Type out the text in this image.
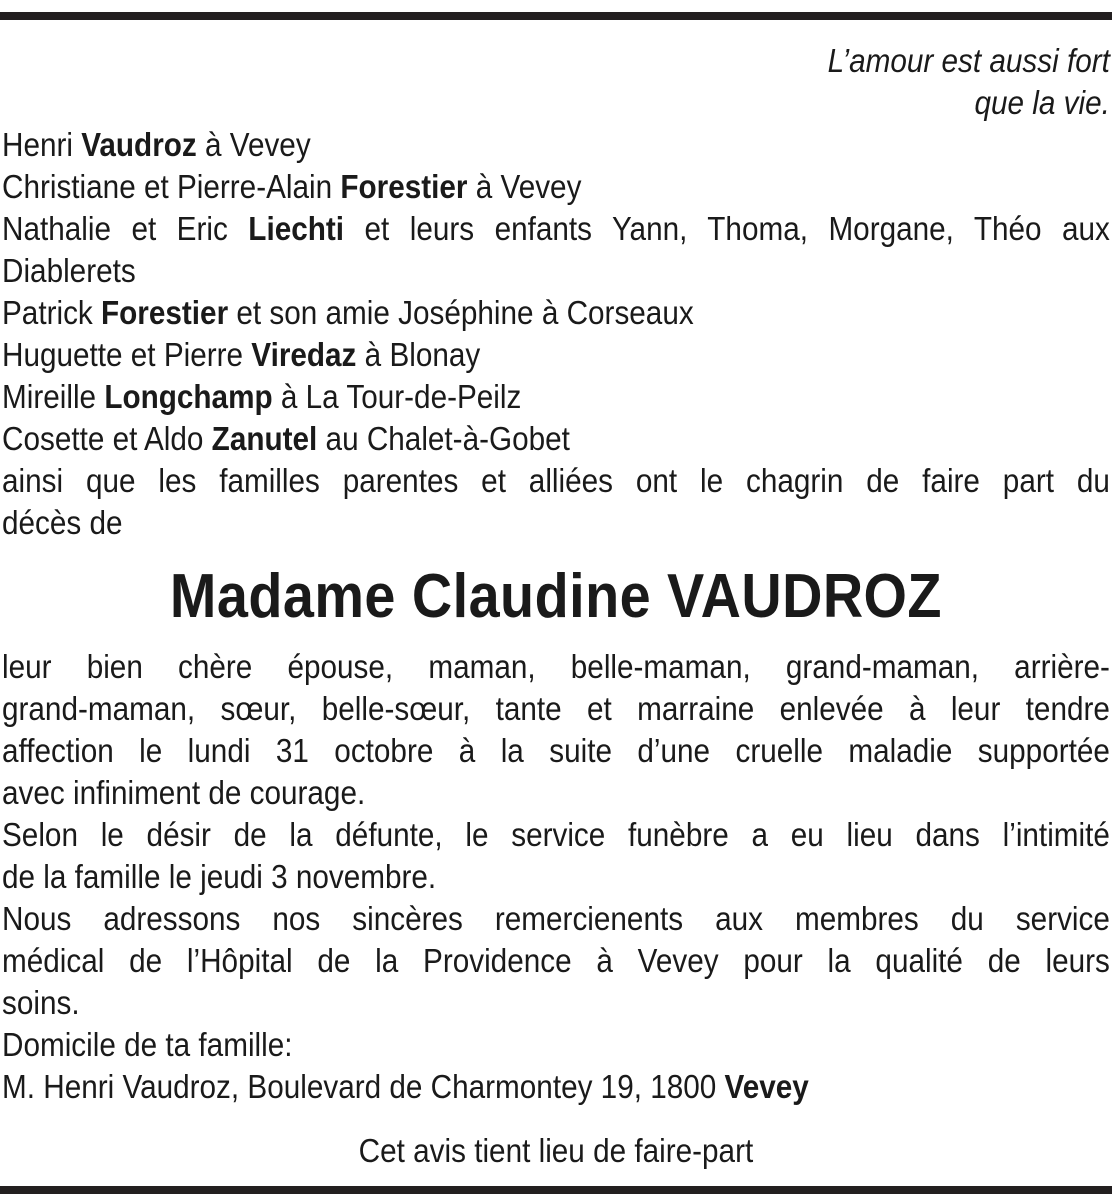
L’amour est aussi fort
que la vie.
Henri Vaudroz à Vevey
Christiane et Pierre-Alain Forestier à Vevey
Nathalie et Eric Liechti et leurs enfants Yann, Thoma, Morgane, Théo aux
Diablerets
Patrick Forestier et son amie Joséphine à Corseaux
Huguette et Pierre Viredaz à Blonay
Mireille Longchamp à La Tour-de-Peilz
Cosette et Aldo Zanutel au Chalet-à-Gobet
ainsi que les familles parentes et alliées ont le chagrin de faire part du
décès de
Madame Claudine VAUDROZ
leur bien chère épouse, maman, belle-maman, grand-maman, arrière-
grand-maman, sœur, belle-sœur, tante et marraine enlevée à leur tendre
affection le lundi 31 octobre à la suite d’une cruelle maladie supportée
avec infiniment de courage.
Selon le désir de la défunte, le service funèbre a eu lieu dans l’intimité
de la famille le jeudi 3 novembre.
Nous adressons nos sincères remercienents aux membres du service
médical de l’Hôpital de la Providence à Vevey pour la qualité de leurs
soins.
Domicile de ta famille:
M. Henri Vaudroz, Boulevard de Charmontey 19, 1800 Vevey
Cet avis tient lieu de faire-part
